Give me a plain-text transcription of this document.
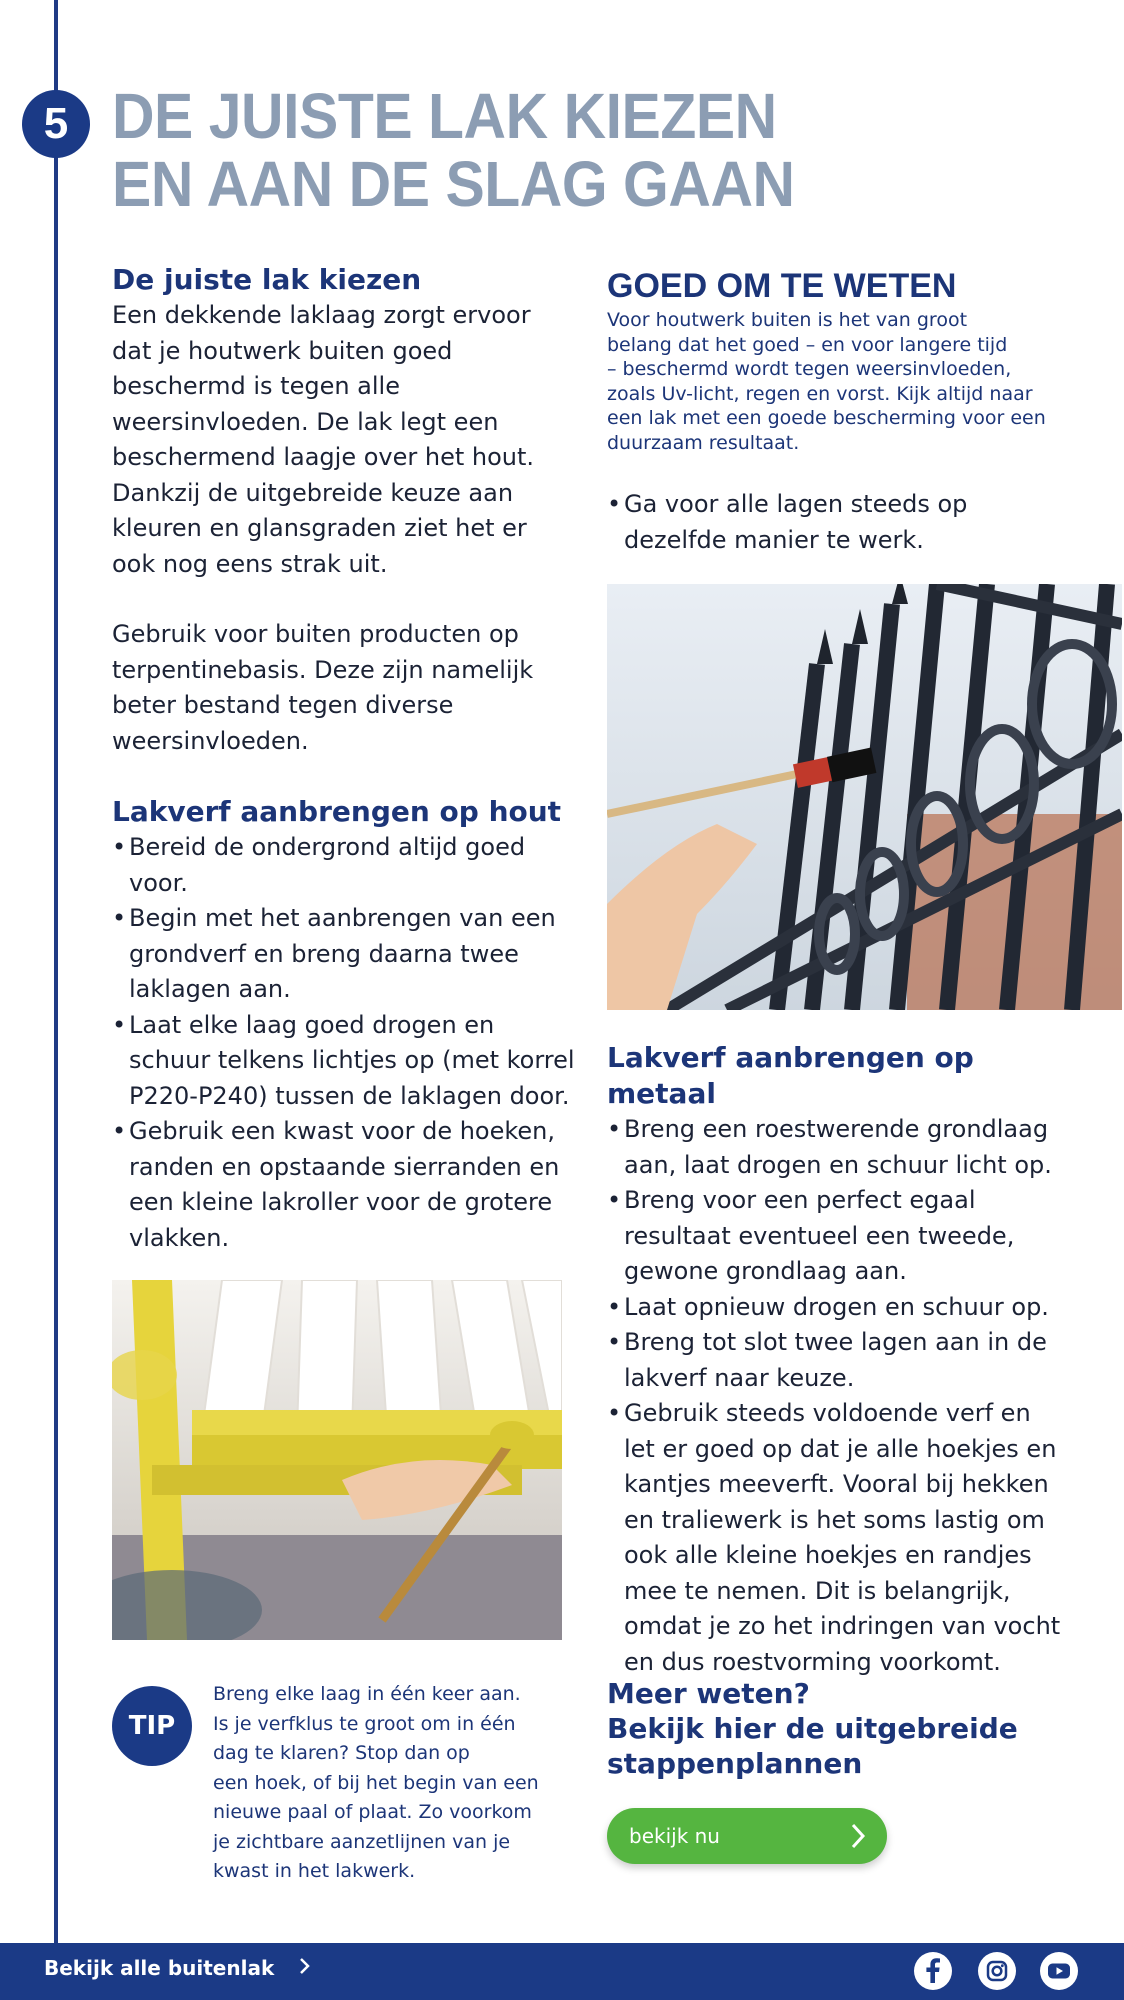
5 DE JUISTE LAK KIEZEN
EN AAN DE SLAG GAAN
De juiste lak kiezen

Een dekkende laklaag zorgt ervoor
dat je houtwerk buiten goed
beschermd is tegen alle
weersinvloeden. De lak legt een
beschermend laagje over het hout.
Dankzij de uitgebreide keuze aan
kleuren en glansgraden ziet het er
ook nog eens strak uit.

Gebruik voor buiten producten op
terpentinebasis. Deze zijn namelijk
beter bestand tegen diverse
weersinvloeden.

Lakverf aanbrengen op hout
• Bereid de ondergrond altijd goed voor.
• Begin met het aanbrengen van een
grondverf en breng daarna twee
laklagen aan.
• Laat elke laag goed drogen en
schuur telkens lichtjes op (met korrel
P220-P240) tussen de laklagen door.
• Gebruik een kwast voor de hoeken,
randen en opstaande sierranden en
een kleine lakroller voor de grotere
vlakken.
TIP

Breng elke laag in één keer aan.
Is je verfklus te groot om in één
dag te klaren? Stop dan op
een hoek, of bij het begin van een
nieuwe paal of plaat. Zo voorkom
je zichtbare aanzetlijnen van je
kwast in het lakwerk.

GOED OM TE WETEN

Voor houtwerk buiten is het van groot
belang dat het goed – en voor langere tijd
– beschermd wordt tegen weersinvloeden,
zoals Uv-licht, regen en vorst. Kijk altijd naar
een lak met een goede bescherming voor een
duurzaam resultaat.

• Ga voor alle lagen steeds op
dezelfde manier te werk.
Lakverf aanbrengen op metaal
• Breng een roestwerende grondlaag
aan, laat drogen en schuur licht op.
• Breng voor een perfect egaal
resultaat eventueel een tweede,
gewone grondlaag aan.
• Laat opnieuw drogen en schuur op.
• Breng tot slot twee lagen aan in de
lakverf naar keuze.
• Gebruik steeds voldoende verf en
let er goed op dat je alle hoekjes en
kantjes meeverft. Vooral bij hekken
en traliewerk is het soms lastig om
ook alle kleine hoekjes en randjes
mee te nemen. Dit is belangrijk,
omdat je zo het indringen van vocht
en dus roestvorming voorkomt.
Meer weten?
Bekijk hier de uitgebreide
stappenplannen
bekijk nu
Bekijk alle buitenlak
